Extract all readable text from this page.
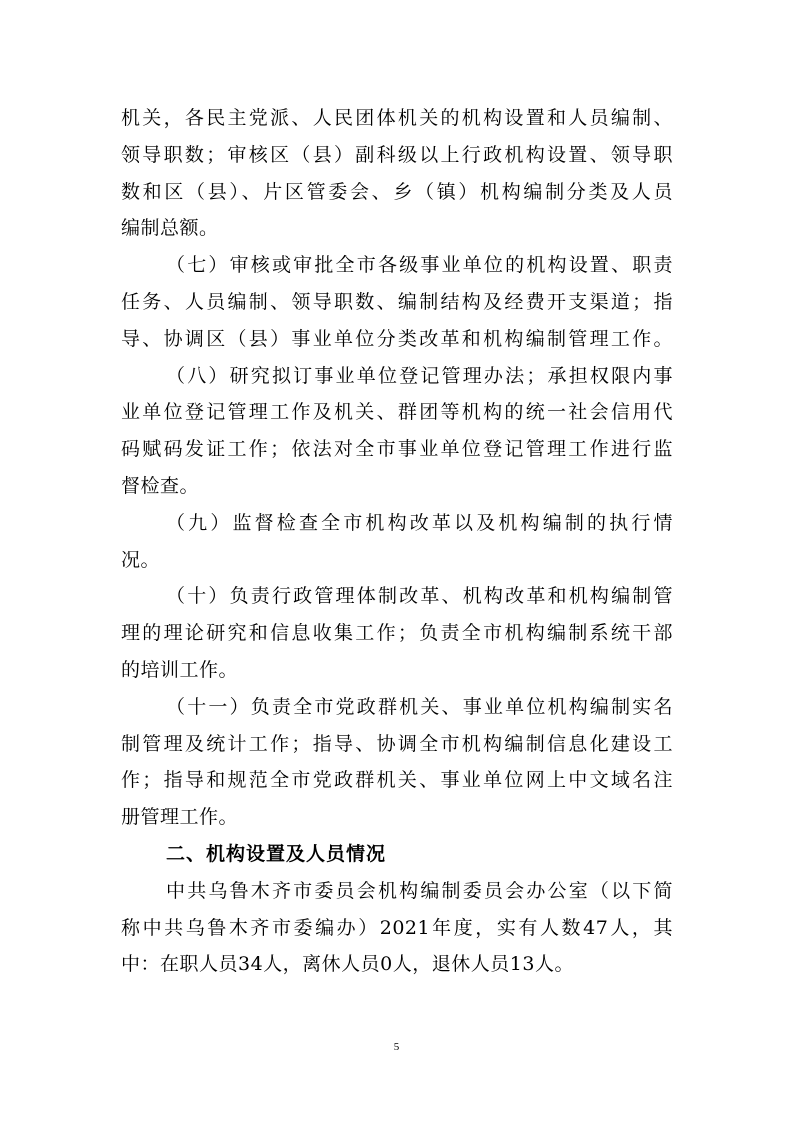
机关，各民主党派、人民团体机关的机构设置和人员编制、
领导职数；审核区（县）副科级以上行政机构设置、领导职
数和区（县）、片区管委会、乡（镇）机构编制分类及人员
编制总额。
（七）审核或审批全市各级事业单位的机构设置、职责
任务、人员编制、领导职数、编制结构及经费开支渠道；指
导、协调区（县）事业单位分类改革和机构编制管理工作。
（八）研究拟订事业单位登记管理办法；承担权限内事
业单位登记管理工作及机关、群团等机构的统一社会信用代
码赋码发证工作；依法对全市事业单位登记管理工作进行监
督检查。
（九）监督检查全市机构改革以及机构编制的执行情
况。
（十）负责行政管理体制改革、机构改革和机构编制管
理的理论研究和信息收集工作；负责全市机构编制系统干部
的培训工作。
（十一）负责全市党政群机关、事业单位机构编制实名
制管理及统计工作；指导、协调全市机构编制信息化建设工
作；指导和规范全市党政群机关、事业单位网上中文域名注
册管理工作。
二、机构设置及人员情况
中共乌鲁木齐市委员会机构编制委员会办公室（以下简
称中共乌鲁木齐市委编办）2021年度，实有人数47人，其
中：在职人员34人，离休人员0人，退休人员13人。
5
